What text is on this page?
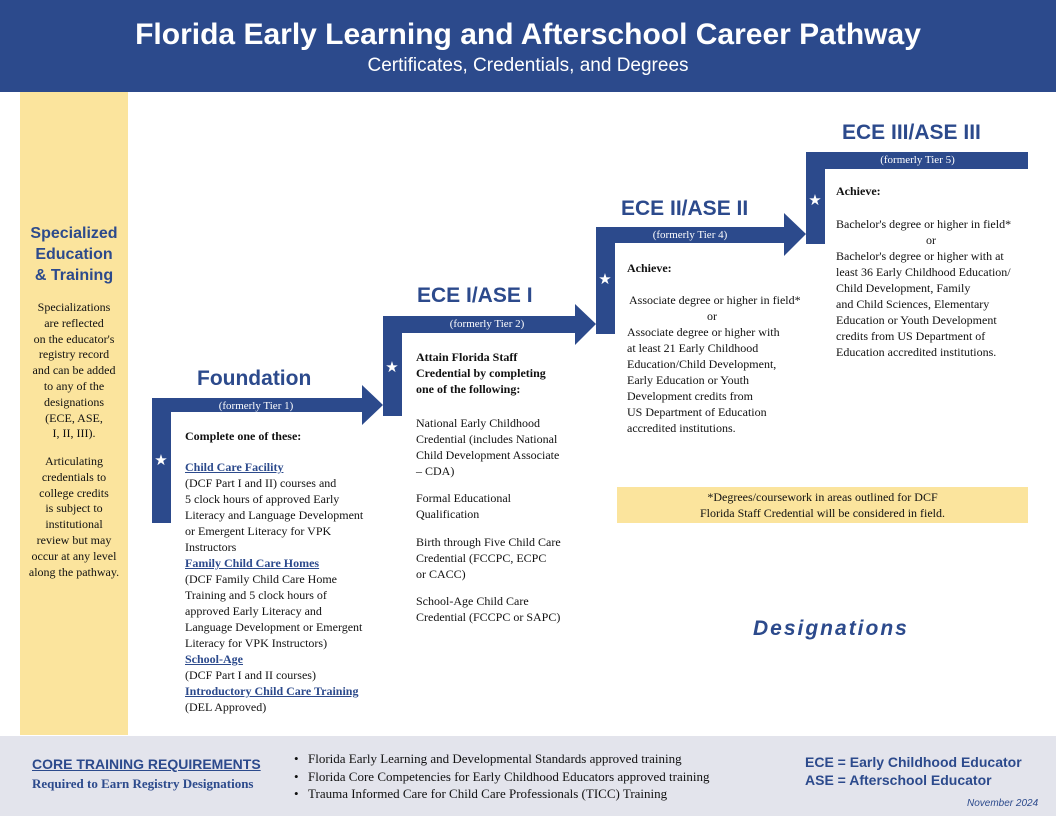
Florida Early Learning and Afterschool Career Pathway
Certificates, Credentials, and Degrees
Specialized
Education
& Training
Specializations
are reflected
on the educator's
registry record
and can be added
to any of the
designations
(ECE, ASE,
I, II, III).
Articulating
credentials to
college credits
is subject to
institutional
review but may
occur at any level
along the pathway.
★
★
★
★
Foundation
(formerly Tier 1)
Complete one of these:
Child Care Facility
(DCF Part I and II) courses and
5 clock hours of approved Early
Literacy and Language Development
or Emergent Literacy for VPK
Instructors
Family Child Care Homes
(DCF Family Child Care Home
Training and 5 clock hours of
approved Early Literacy and
Language Development or Emergent
Literacy for VPK Instructors)
School-Age
(DCF Part I and II courses)
Introductory Child Care Training
(DEL Approved)
ECE I/ASE I
(formerly Tier 2)
Attain Florida Staff
Credential by completing
one of the following:
National Early Childhood
Credential (includes National
Child Development Associate
– CDA)
Formal Educational
Qualification
Birth through Five Child Care
Credential (FCCPC, ECPC
or CACC)
School-Age Child Care
Credential (FCCPC or SAPC)
ECE II/ASE II
(formerly Tier 4)
Achieve:
Associate degree or higher in field*
or
Associate degree or higher with
at least 21 Early Childhood
Education/Child Development,
Early Education or Youth
Development credits from
US Department of Education
accredited institutions.
ECE III/ASE III
(formerly Tier 5)
Achieve:
Bachelor's degree or higher in field*
or
Bachelor's degree or higher with at
least 36 Early Childhood Education/
Child Development, Family
and Child Sciences, Elementary
Education or Youth Development
credits from US Department of
Education accredited institutions.
*Degrees/coursework in areas outlined for DCF
Florida Staff Credential will be considered in field.
Designations
CORE TRAINING REQUIREMENTS
Required to Earn Registry Designations
• Florida Early Learning and Developmental Standards approved training
• Florida Core Competencies for Early Childhood Educators approved training
• Trauma Informed Care for Child Care Professionals (TICC) Training
ECE = Early Childhood Educator
ASE = Afterschool Educator
November 2024
